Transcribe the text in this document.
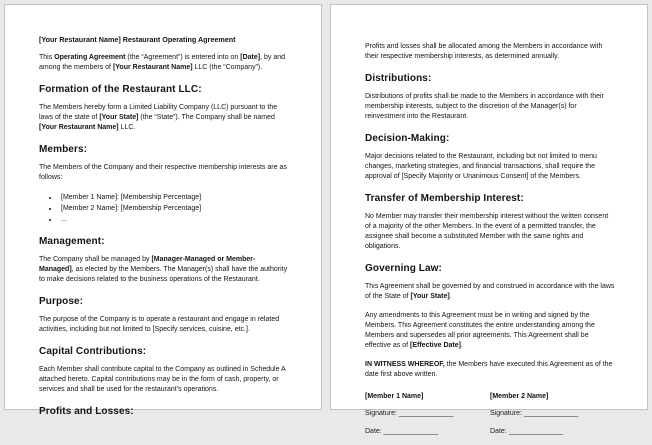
[Your Restaurant Name] Restaurant Operating Agreement

This Operating Agreement (the “Agreement”) is entered into on [Date], by and among the members of [Your Restaurant Name] LLC (the “Company”).

Formation of the Restaurant LLC:

The Members hereby form a Limited Liability Company (LLC) pursuant to the laws of the state of [Your State] (the “State”). The Company shall be named [Your Restaurant Name] LLC.

Members:

The Members of the Company and their respective membership interests are as follows:

• [Member 1 Name]: [Membership Percentage]
• [Member 2 Name]: [Membership Percentage]
• ...
Management:

The Company shall be managed by [Manager-Managed or Member-Managed], as elected by the Members. The Manager(s) shall have the authority to make decisions related to the business operations of the Restaurant.

Purpose:

The purpose of the Company is to operate a restaurant and engage in related activities, including but not limited to [Specify services, cuisine, etc.].

Capital Contributions:

Each Member shall contribute capital to the Company as outlined in Schedule A attached hereto. Capital contributions may be in the form of cash, property, or services and shall be used for the restaurant’s operations.

Profits and Losses:

Profits and losses shall be allocated among the Members in accordance with their respective membership interests, as determined annually.

Distributions:

Distributions of profits shall be made to the Members in accordance with their membership interests, subject to the discretion of the Manager(s) for reinvestment into the Restaurant.

Decision-Making:

Major decisions related to the Restaurant, including but not limited to menu changes, marketing strategies, and financial transactions, shall require the approval of [Specify Majority or Unanimous Consent] of the Members.

Transfer of Membership Interest:

No Member may transfer their membership interest without the written consent of a majority of the other Members. In the event of a permitted transfer, the assignee shall become a substituted Member with the same rights and obligations.

Governing Law:

This Agreement shall be governed by and construed in accordance with the laws of the State of [Your State].

Any amendments to this Agreement must be in writing and signed by the Members. This Agreement constitutes the entire understanding among the Members and supersedes all prior agreements. This Agreement shall be effective as of [Effective Date].

IN WITNESS WHEREOF, the Members have executed this Agreement as of the date first above written.

[Member 1 Name]
Signature: ______________
Date: ______________
[Member 2 Name]
Signature: ______________
Date: ______________
